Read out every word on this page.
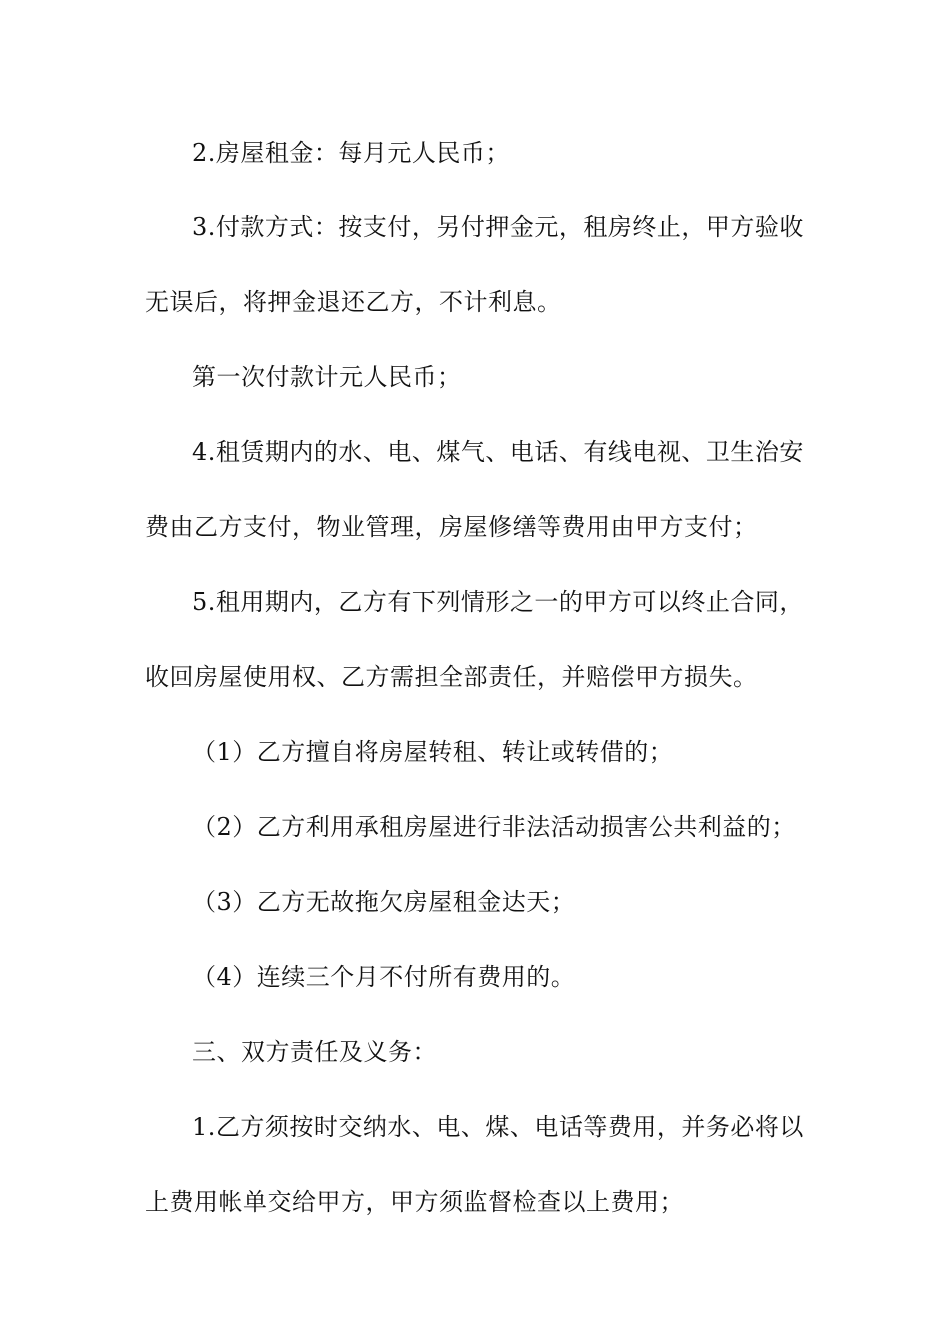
2.房屋租金：每月元人民币；
3.付款方式：按支付，另付押金元，租房终止，甲方验收
无误后，将押金退还乙方，不计利息。
第一次付款计元人民币；
4.租赁期内的水、电、煤气、电话、有线电视、卫生治安
费由乙方支付，物业管理，房屋修缮等费用由甲方支付；
5.租用期内，乙方有下列情形之一的甲方可以终止合同，
收回房屋使用权、乙方需担全部责任，并赔偿甲方损失。
（1）乙方擅自将房屋转租、转让或转借的；
（2）乙方利用承租房屋进行非法活动损害公共利益的；
（3）乙方无故拖欠房屋租金达天；
（4）连续三个月不付所有费用的。
三、双方责任及义务：
1.乙方须按时交纳水、电、煤、电话等费用，并务必将以
上费用帐单交给甲方，甲方须监督检查以上费用；
